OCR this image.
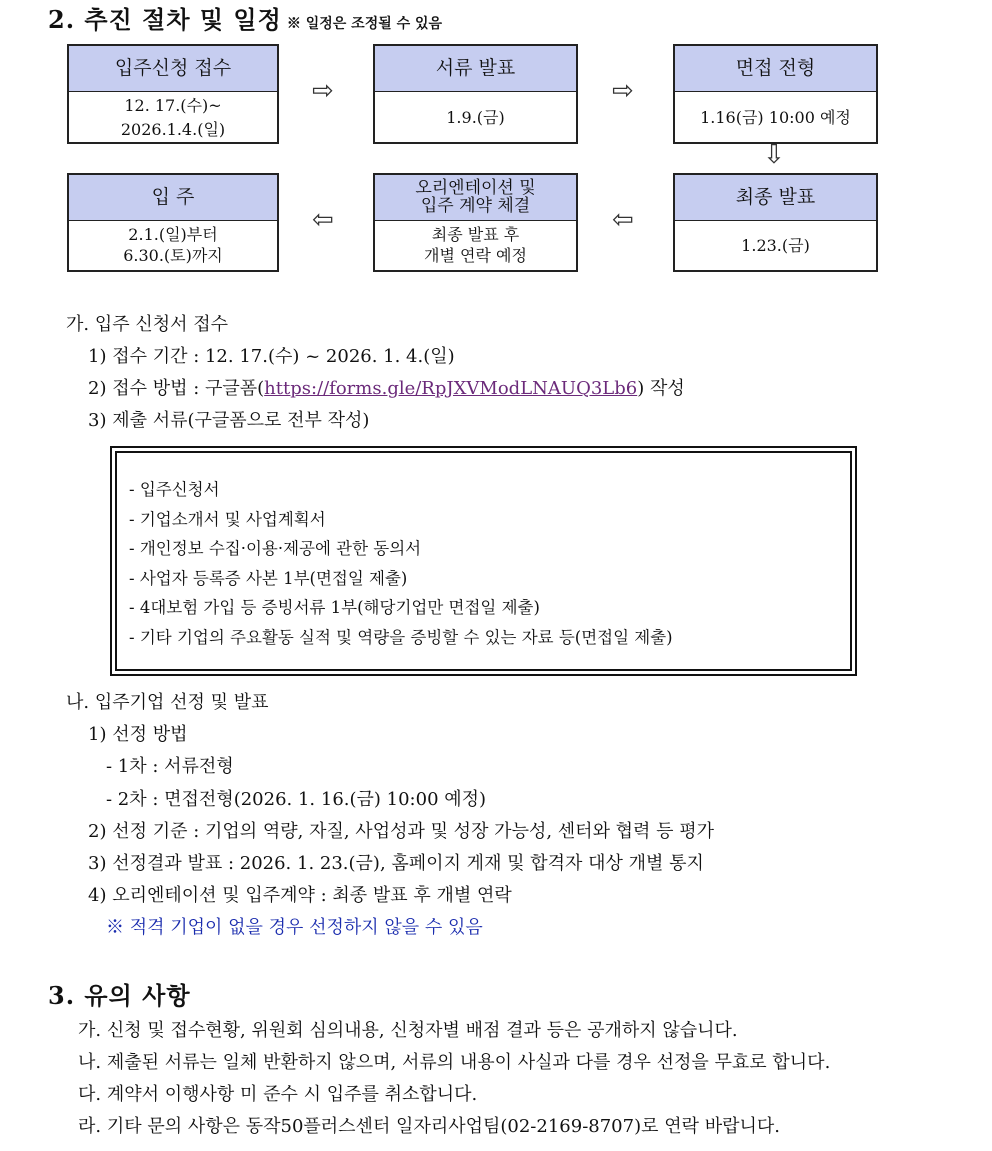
2. 추진 절차 및 일정 ※ 일정은 조정될 수 있음
입주신청 접수
12. 17.(수)~
2026.1.4.(일)
⇨
서류 발표
1.9.(금)
⇨
면접 전형
1.16(금) 10:00 예정
⇩
입 주
2.1.(일)부터
6.30.(토)까지
⇦
오리엔테이션 및
입주 계약 체결
최종 발표 후
개별 연락 예정
⇦
최종 발표
1.23.(금)
가. 입주 신청서 접수
1) 접수 기간 : 12. 17.(수) ~ 2026. 1. 4.(일)
2) 접수 방법 : 구글폼(https://forms.gle/RpJXVModLNAUQ3Lb6) 작성
3) 제출 서류(구글폼으로 전부 작성)
- 입주신청서
- 기업소개서 및 사업계획서
- 개인정보 수집·이용·제공에 관한 동의서
- 사업자 등록증 사본 1부(면접일 제출)
- 4대보험 가입 등 증빙서류 1부(해당기업만 면접일 제출)
- 기타 기업의 주요활동 실적 및 역량을 증빙할 수 있는 자료 등(면접일 제출)
나. 입주기업 선정 및 발표
1) 선정 방법
- 1차 : 서류전형
- 2차 : 면접전형(2026. 1. 16.(금) 10:00 예정)
2) 선정 기준 : 기업의 역량, 자질, 사업성과 및 성장 가능성, 센터와 협력 등 평가
3) 선정결과 발표 : 2026. 1. 23.(금), 홈페이지 게재 및 합격자 대상 개별 통지
4) 오리엔테이션 및 입주계약 : 최종 발표 후 개별 연락
※ 적격 기업이 없을 경우 선정하지 않을 수 있음
3. 유의 사항
가. 신청 및 접수현황, 위원회 심의내용, 신청자별 배점 결과 등은 공개하지 않습니다.
나. 제출된 서류는 일체 반환하지 않으며, 서류의 내용이 사실과 다를 경우 선정을 무효로 합니다.
다. 계약서 이행사항 미 준수 시 입주를 취소합니다.
라. 기타 문의 사항은 동작50플러스센터 일자리사업팀(02-2169-8707)로 연락 바랍니다.
